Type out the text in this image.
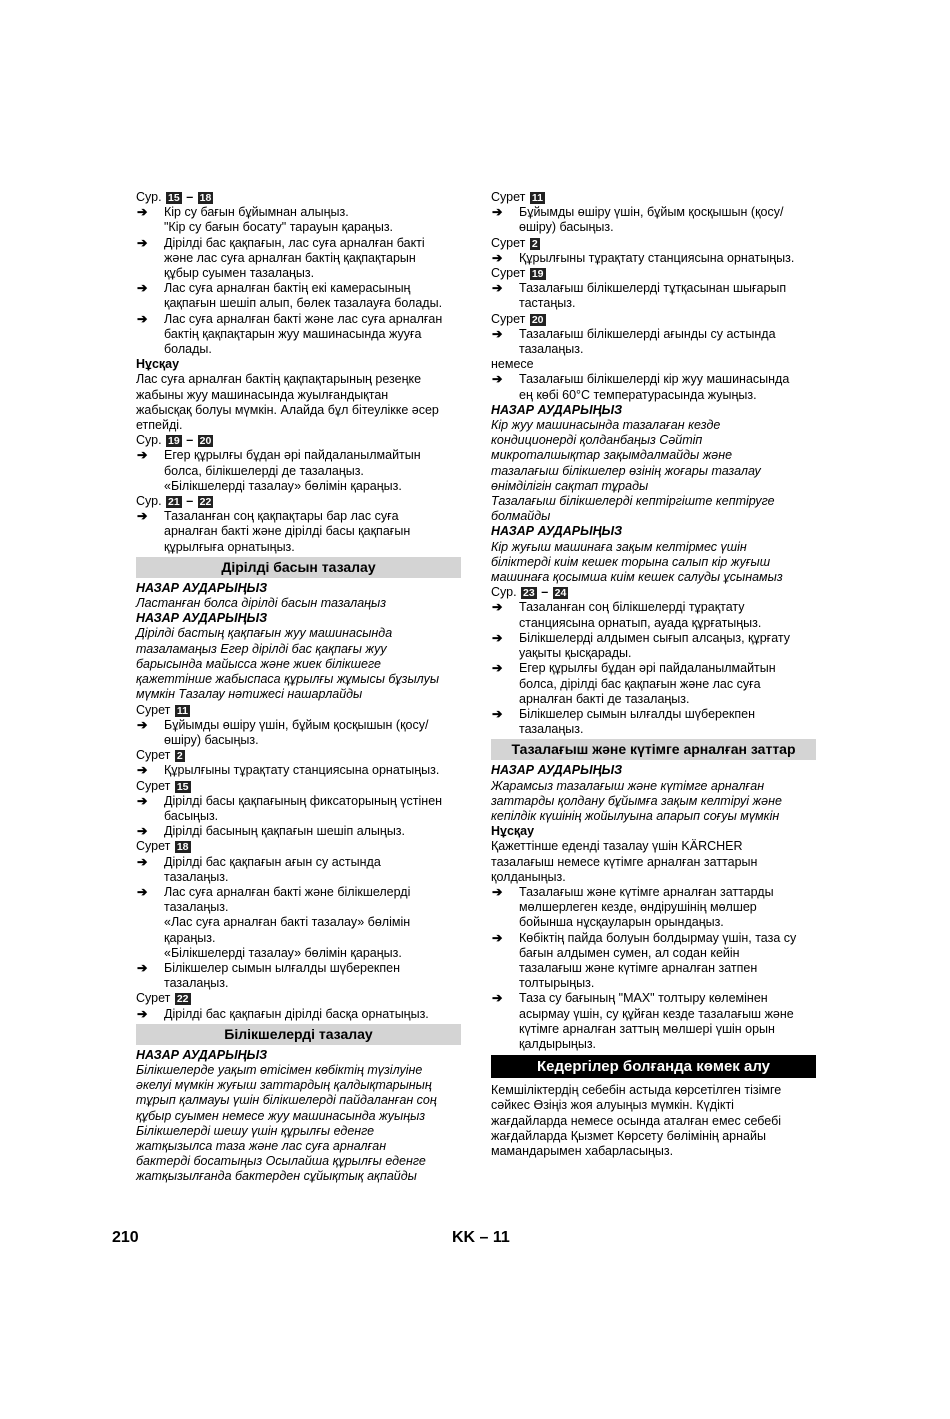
Сур. 15 – 18
➔ Кір су бағын бұйымнан алыңыз.
"Кір су бағын босату" тарауын қараңыз.
➔ Дірілді бас қақпағын, лас суға арналған бакті
және лас суға арналған бактің қақпақтарын
құбыр суымен тазалаңыз.
➔ Лас суға арналған бактің екі камерасының
қақпағын шешіп алып, бөлек тазалауға болады.
➔ Лас суға арналған бакті және лас суға арналған
бактің қақпақтарын жуу машинасында жууға
болады.
Нұсқау
Лас суға арналған бактің қақпақтарының резеңке
жабыны жуу машинасында жуылғандықтан
жабысқақ болуы мүмкін. Алайда бұл бітеулікке әсер
етпейді.
Сур. 19 – 20
➔ Егер құрылғы бұдан әрі пайдаланылмайтын
болса, білікшелерді де тазалаңыз.
«Білікшелерді тазалау» бөлімін қараңыз.
Сур. 21 – 22
➔ Тазаланған соң қақпақтары бар лас суға
арналған бакті және дірілді басы қақпағын
құрылғыға орнатыңыз.
Дірілді басын тазалау
НАЗАР АУДАРЫҢЫЗ
Ластанған болса дірілді басын тазалаңыз
НАЗАР АУДАРЫҢЫЗ
Дірілді бастың қақпағын жуу машинасында
тазаламаңыз Егер дірілді бас қақпағы жуу
барысында майысса және жиек білікшеге
қажеттінше жабыспаса құрылғы жұмысы бұзылуы
мүмкін Тазалау нәтижесі нашарлайды
Сурет 11
➔ Бұйымды өшіру үшін, бұйым қосқышын (қосу/
өшіру) басыңыз.
Сурет 2
➔ Құрылғыны тұрақтату станциясына орнатыңыз.
Сурет 15
➔ Дірілді басы қақпағының фиксаторының үстінен
басыңыз.
➔ Дірілді басының қақпағын шешіп алыңыз.
Сурет 18
➔ Дірілді бас қақпағын ағын су астында
тазалаңыз.
➔ Лас суға арналған бакті және білікшелерді
тазалаңыз.
«Лас суға арналған бакті тазалау» бөлімін
қараңыз.
«Білікшелерді тазалау» бөлімін қараңыз.
➔ Білікшелер сымын ылғалды шүберекпен
тазалаңыз.
Сурет 22
➔ Дірілді бас қақпағын дірілді басқа орнатыңыз.
Білікшелерді тазалау
НАЗАР АУДАРЫҢЫЗ
Білікшелерде уақыт өтісімен көбіктің түзілуіне
әкелуі мүмкін жуғыш заттардың қалдықтарының
тұрып қалмауы үшін білікшелерді пайдаланған соң
құбыр суымен немесе жуу машинасында жуыңыз
Білікшелерді шешу үшін құрылғы еденге
жатқызылса таза және лас суға арналған
бактерді босатыңыз Осылайша құрылғы еденге
жатқызылғанда бактерден сұйықтық ақпайды
Сурет 11
➔ Бұйымды өшіру үшін, бұйым қосқышын (қосу/
өшіру) басыңыз.
Сурет 2
➔ Құрылғыны тұрақтату станциясына орнатыңыз.
Сурет 19
➔ Тазалағыш білікшелерді тұтқасынан шығарып
тастаңыз.
Сурет 20
➔ Тазалағыш білікшелерді ағынды су астында
тазалаңыз.
немесе
➔ Тазалағыш білікшелерді кір жуу машинасында
ең көбі 60°C температурасында жуыңыз.
НАЗАР АУДАРЫҢЫЗ
Кір жуу машинасында тазалаған кезде
кондиционерді қолданбаңыз Сәйтіп
микроталшықтар зақымдалмайды және
тазалағыш білікшелер өзінің жоғары тазалау
өнімділігін сақтап тұрады
Тазалағыш білікшелерді кептіргіште кептіруге
болмайды
НАЗАР АУДАРЫҢЫЗ
Кір жуғыш машинаға зақым келтірмес үшін
біліктерді киім кешек торына салып кір жуғыш
машинаға қосымша киім кешек салуды ұсынамыз
Сур. 23 – 24
➔ Тазаланған соң білікшелерді тұрақтату
станциясына орнатып, ауада құрғатыңыз.
➔ Білікшелерді алдымен сығып алсаңыз, құрғату
уақыты қысқарады.
➔ Егер құрылғы бұдан әрі пайдаланылмайтын
болса, дірілді бас қақпағын және лас суға
арналған бакті де тазалаңыз.
➔ Білікшелер сымын ылғалды шүберекпен
тазалаңыз.
Тазалағыш және күтімге арналған заттар
НАЗАР АУДАРЫҢЫЗ
Жарамсыз тазалағыш және күтімге арналған
заттарды қолдану бұйымға зақым келтіруі және
кепілдік күшінің жойылуына апарып соғуы мүмкін
Нұсқау
Қажеттінше еденді тазалау үшін KÄRCHER
тазалағыш немесе күтімге арналған заттарын
қолданыңыз.
➔ Тазалағыш және күтімге арналған заттарды
мөлшерлеген кезде, өндірушінің мөлшер
бойынша нұсқауларын орындаңыз.
➔ Көбіктің пайда болуын болдырмау үшін, таза су
бағын алдымен сумен, ал содан кейін
тазалағыш және күтімге арналған затпен
толтырыңыз.
➔ Таза су бағының "MAX" толтыру көлемінен
асырмау үшін, су құйған кезде тазалағыш және
күтімге арналған заттың мөлшері үшін орын
қалдырыңыз.
Кедергілер болғанда көмек алу
Кемшіліктердің себебін астыда көрсетілген тізімге
сәйкес Өзіңіз жоя алуыңыз мүмкін. Күдікті
жағдайларда немесе осында аталған емес себебі
жағдайларда Қызмет Көрсету бөлімінің арнайы
мамандарымен хабарласыңыз.
210	KK – 11
